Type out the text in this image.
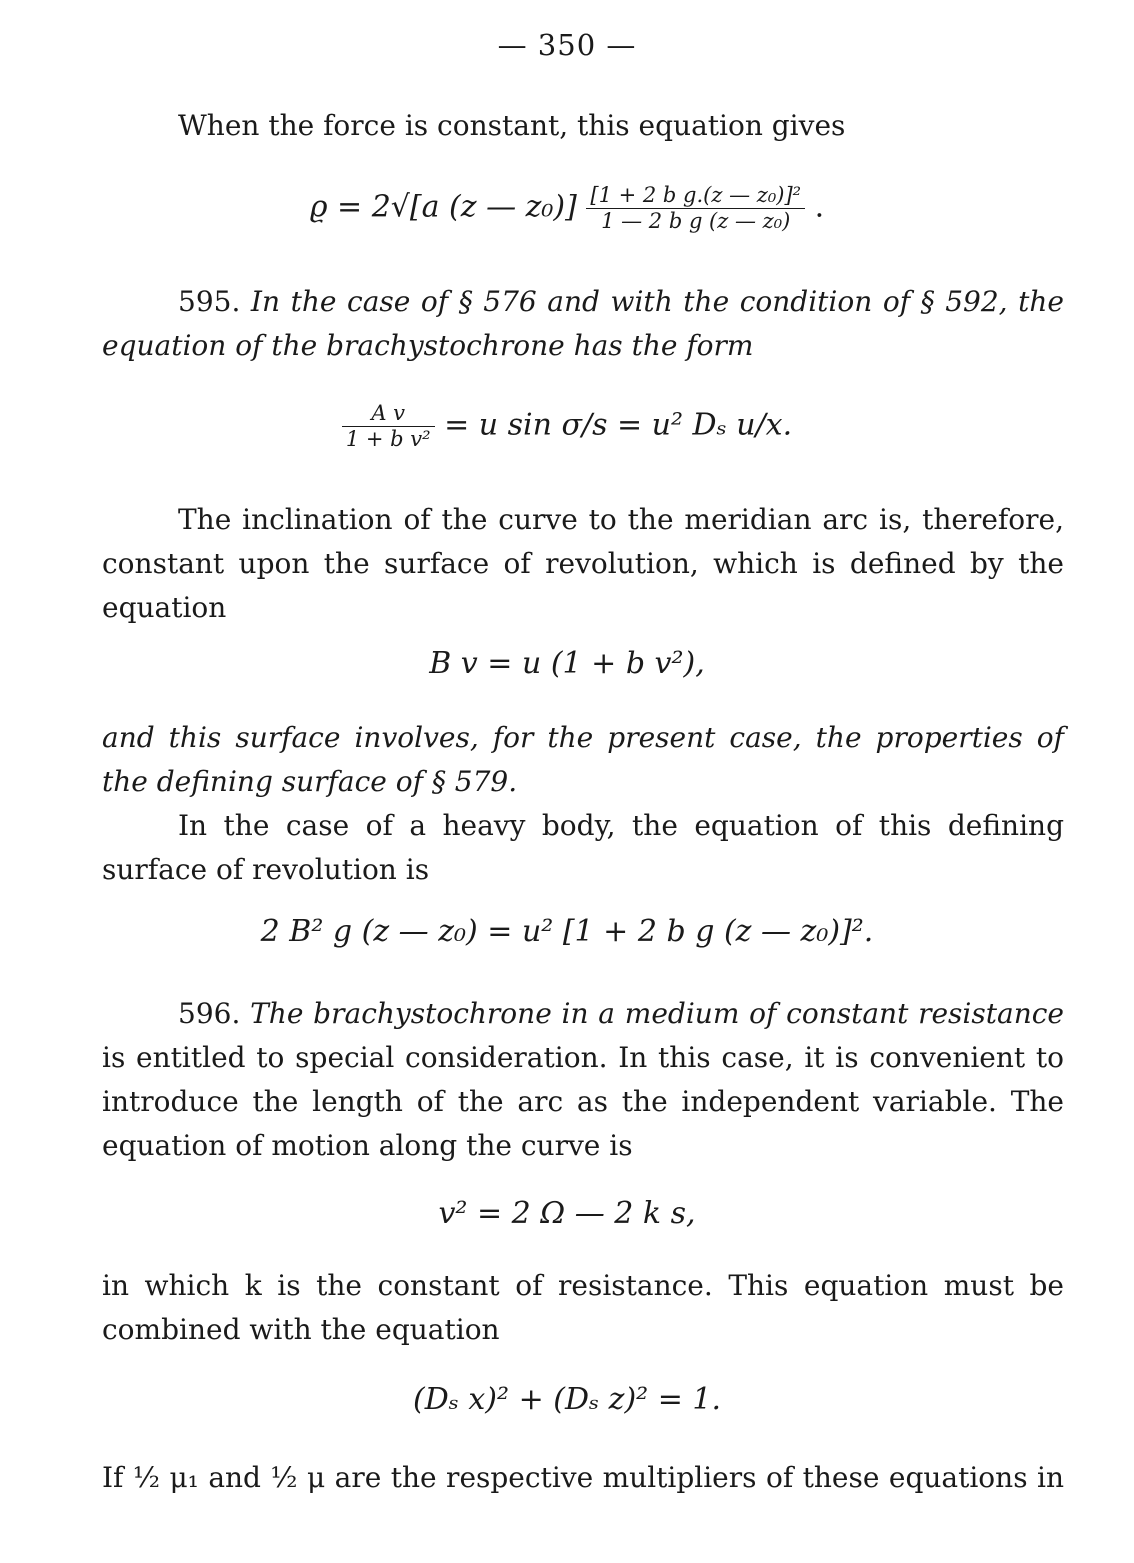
— 350 —

When the force is constant, this equation gives

ϱ = 2√[a (z — $z_0)] \frac{\text{[1 + 2 b g.(z — z₀)]²}}{\text{1 — 2 b g (z — z₀)}}$ .

595. In the case of § 576 and with the condition of § 592, the equation of the brachystochrone has the form

$\frac{\text{A v}}{\text{1 + b v²}} = u$ sin σ/s = u² Dₛ u/x.

The inclination of the curve to the meridian arc is, therefore, constant upon the surface of revolution, which is defined by the equation

B v = u (1 + b v²),

and this surface involves, for the present case, the properties of the defining surface of § 579.

In the case of a heavy body, the equation of this defining surface of revolution is

2 B² g (z — z₀) = u² [1 + 2 b g (z — z₀)]².

596. The brachystochrone in a medium of constant resistance is entitled to special consideration. In this case, it is convenient to introduce the length of the arc as the independent variable. The equation of motion along the curve is

v² = 2 Ω — 2 k s,

in which k is the constant of resistance. This equation must be combined with the equation

(Dₛ x)² + (Dₛ z)² = 1.

If ½ μ₁ and ½ μ are the respective multipliers of these equations in
